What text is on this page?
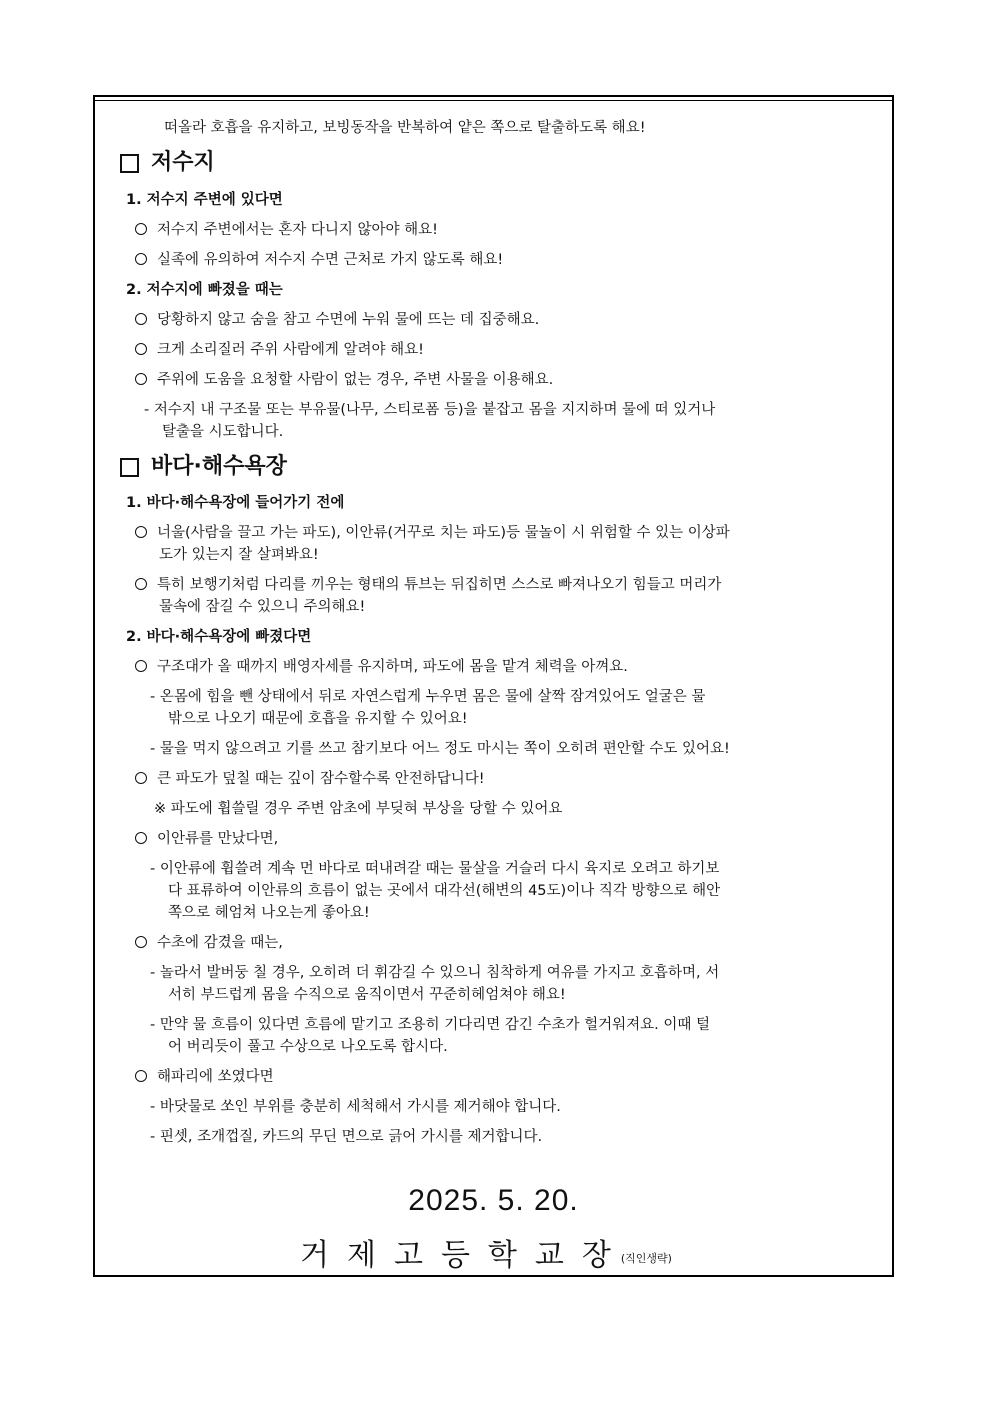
떠올라 호흡을 유지하고, 보빙동작을 반복하여 얕은 쪽으로 탈출하도록 해요!
저수지
1. 저수지 주변에 있다면
저수지 주변에서는 혼자 다니지 않아야 해요!
실족에 유의하여 저수지 수면 근처로 가지 않도록 해요!
2. 저수지에 빠졌을 때는
당황하지 않고 숨을 참고 수면에 누워 물에 뜨는 데 집중해요.
크게 소리질러 주위 사람에게 알려야 해요!
주위에 도움을 요청할 사람이 없는 경우, 주변 사물을 이용해요.
- 저수지 내 구조물 또는 부유물(나무, 스티로폼 등)을 붙잡고 몸을 지지하며 물에 떠 있거나
탈출을 시도합니다.
바다·해수욕장
1. 바다·해수욕장에 들어가기 전에
너울(사람을 끌고 가는 파도), 이안류(거꾸로 치는 파도)등 물놀이 시 위험할 수 있는 이상파
도가 있는지 잘 살펴봐요!
특히 보행기처럼 다리를 끼우는 형태의 튜브는 뒤집히면 스스로 빠져나오기 힘들고 머리가
물속에 잠길 수 있으니 주의해요!
2. 바다·해수욕장에 빠졌다면
구조대가 올 때까지 배영자세를 유지하며, 파도에 몸을 맡겨 체력을 아껴요.
- 온몸에 힘을 뺀 상태에서 뒤로 자연스럽게 누우면 몸은 물에 살짝 잠겨있어도 얼굴은 물
밖으로 나오기 때문에 호흡을 유지할 수 있어요!
- 물을 먹지 않으려고 기를 쓰고 참기보다 어느 정도 마시는 쪽이 오히려 편안할 수도 있어요!
큰 파도가 덮칠 때는 깊이 잠수할수록 안전하답니다!
※ 파도에 휩쓸릴 경우 주변 암초에 부딪혀 부상을 당할 수 있어요
이안류를 만났다면,
- 이안류에 휩쓸려 계속 먼 바다로 떠내려갈 때는 물살을 거슬러 다시 육지로 오려고 하기보
다 표류하여 이안류의 흐름이 없는 곳에서 대각선(해변의 45도)이나 직각 방향으로 해안
쪽으로 헤엄쳐 나오는게 좋아요!
수초에 감겼을 때는,
- 놀라서 발버둥 칠 경우, 오히려 더 휘감길 수 있으니 침착하게 여유를 가지고 호흡하며, 서
서히 부드럽게 몸을 수직으로 움직이면서 꾸준히헤엄쳐야 해요!
- 만약 물 흐름이 있다면 흐름에 맡기고 조용히 기다리면 감긴 수초가 헐거워져요. 이때 털
어 버리듯이 풀고 수상으로 나오도록 합시다.
해파리에 쏘였다면
- 바닷물로 쏘인 부위를 충분히 세척해서 가시를 제거해야 합니다.
- 핀셋, 조개껍질, 카드의 무딘 면으로 긁어 가시를 제거합니다.
2025. 5. 20.
거제고등학교장(직인생략)
